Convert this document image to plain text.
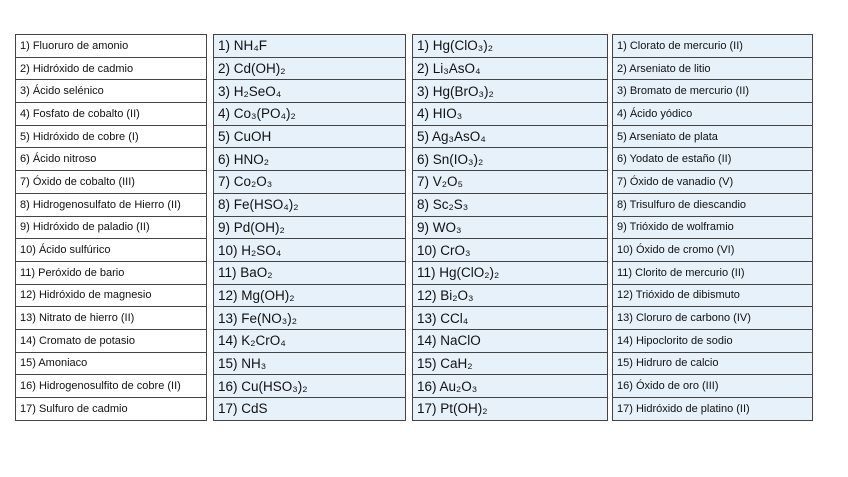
1) Fluoruro de amonio
2) Hidróxido de cadmio
3) Ácido selénico
4) Fosfato de cobalto (II)
5) Hidróxido de cobre (I)
6) Ácido nitroso
7) Óxido de cobalto (III)
8) Hidrogenosulfato de Hierro (II)
9) Hidróxido de paladio (II)
10) Ácido sulfúrico
11) Peróxido de bario
12) Hidróxido de magnesio
13) Nitrato de hierro (II)
14) Cromato de potasio
15) Amoniaco
16) Hidrogenosulfito de cobre (II)
17) Sulfuro de cadmio
1) NH₄F
2) Cd(OH)₂
3) H₂SeO₄
4) Co₃(PO₄)₂
5) CuOH
6) HNO₂
7) Co₂O₃
8) Fe(HSO₄)₂
9) Pd(OH)₂
10) H₂SO₄
11) BaO₂
12) Mg(OH)₂
13) Fe(NO₃)₂
14) K₂CrO₄
15) NH₃
16) Cu(HSO₃)₂
17) CdS
1) Hg(ClO₃)₂
2) Li₃AsO₄
3) Hg(BrO₃)₂
4) HIO₃
5) Ag₃AsO₄
6) Sn(IO₃)₂
7) V₂O₅
8) Sc₂S₃
9) WO₃
10) CrO₃
11) Hg(ClO₂)₂
12) Bi₂O₃
13) CCl₄
14) NaClO
15) CaH₂
16) Au₂O₃
17) Pt(OH)₂
1) Clorato de mercurio (II)
2) Arseniato de litio
3) Bromato de mercurio (II)
4) Ácido yódico
5) Arseniato de plata
6) Yodato de estaño (II)
7) Óxido de vanadio (V)
8) Trisulfuro de diescandio
9) Trióxido de wolframio
10) Óxido de cromo (VI)
11) Clorito de mercurio (II)
12) Trióxido de dibismuto
13) Cloruro de carbono (IV)
14) Hipoclorito de sodio
15) Hidruro de calcio
16) Óxido de oro (III)
17) Hidróxido de platino (II)
